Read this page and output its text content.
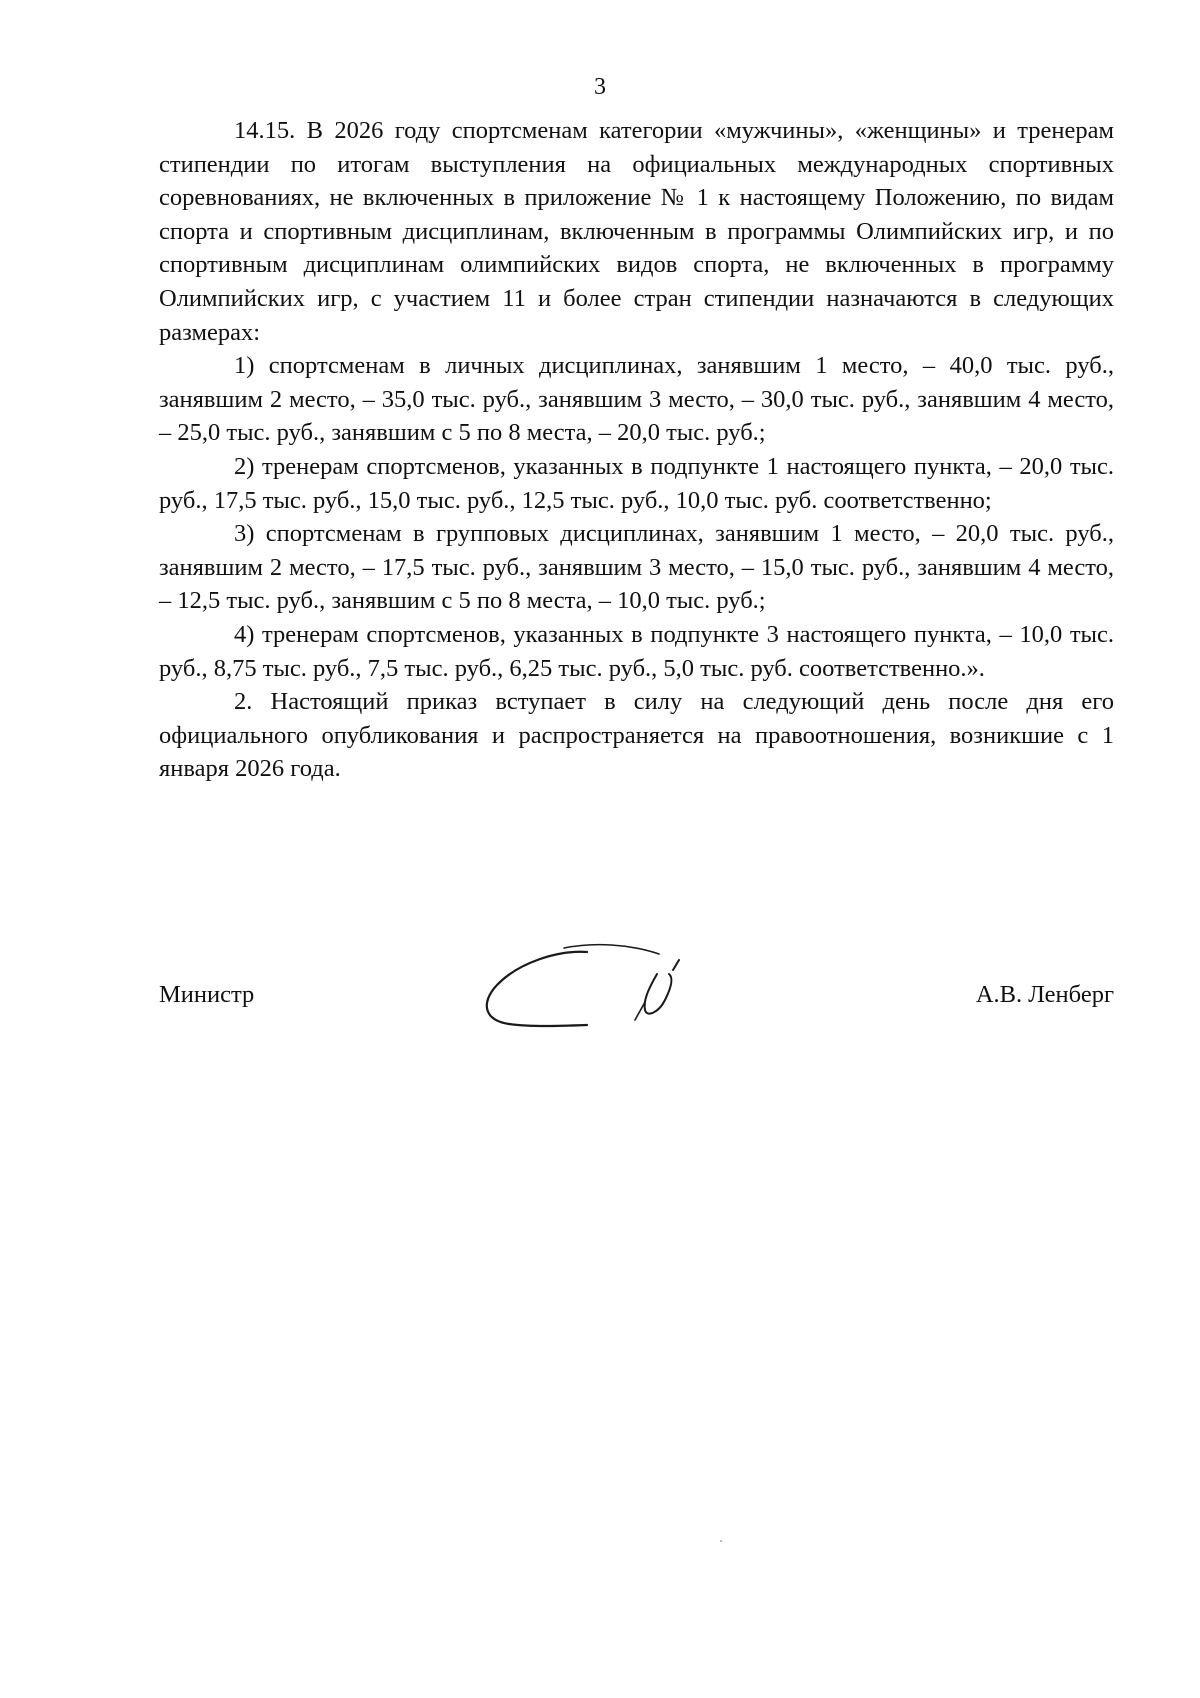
3

14.15. В 2026 году спортсменам категории «мужчины», «женщины» и тренерам стипендии по итогам выступления на официальных международных спортивных соревнованиях, не включенных в приложение № 1 к настоящему Положению, по видам спорта и спортивным дисциплинам, включенным в программы Олимпийских игр, и по спортивным дисциплинам олимпийских видов спорта, не включенных в программу Олимпийских игр, с участием 11 и более стран стипендии назначаются в следующих размерах:

1) спортсменам в личных дисциплинах, занявшим 1 место, – 40,0 тыс. руб., занявшим 2 место, – 35,0 тыс. руб., занявшим 3 место, – 30,0 тыс. руб., занявшим 4 место, – 25,0 тыс. руб., занявшим с 5 по 8 места, – 20,0 тыс. руб.;

2) тренерам спортсменов, указанных в подпункте 1 настоящего пункта, – 20,0 тыс. руб., 17,5 тыс. руб., 15,0 тыс. руб., 12,5 тыс. руб., 10,0 тыс. руб. соответственно;

3) спортсменам в групповых дисциплинах, занявшим 1 место, – 20,0 тыс. руб., занявшим 2 место, – 17,5 тыс. руб., занявшим 3 место, – 15,0 тыс. руб., занявшим 4 место, – 12,5 тыс. руб., занявшим с 5 по 8 места, – 10,0 тыс. руб.;

4) тренерам спортсменов, указанных в подпункте 3 настоящего пункта, – 10,0 тыс. руб., 8,75 тыс. руб., 7,5 тыс. руб., 6,25 тыс. руб., 5,0 тыс. руб. соответственно.».

2. Настоящий приказ вступает в силу на следующий день после дня его официального опубликования и распространяется на правоотношения, возникшие с 1 января 2026 года.

Министр	А.В. Ленберг
